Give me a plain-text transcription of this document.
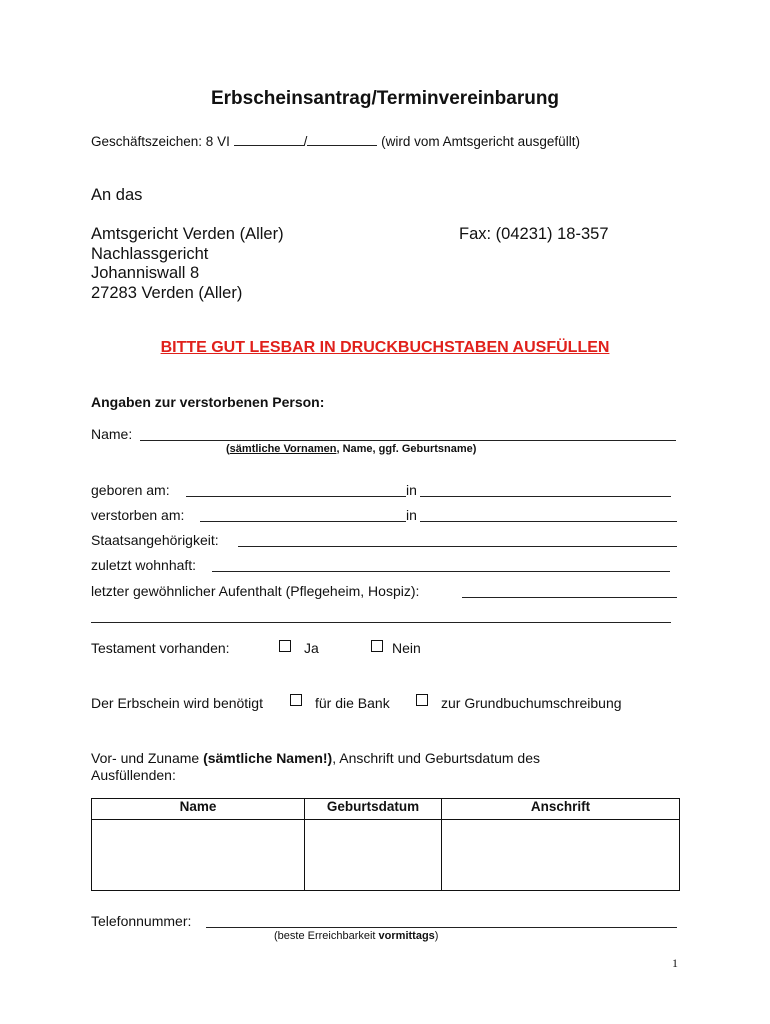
Erbscheinsantrag/Terminvereinbarung
Geschäftszeichen: 8 VI	/	(wird vom Amtsgericht ausgefüllt)
An das
Amtsgericht Verden (Aller)
Nachlassgericht
Johanniswall 8
27283 Verden (Aller)
Fax: (04231) 18-357
BITTE GUT LESBAR IN DRUCKBUCHSTABEN AUSFÜLLEN
Angaben zur verstorbenen Person:
Name:
(sämtliche Vornamen, Name, ggf. Geburtsname)
geboren am:	in
verstorben am:	in
Staatsangehörigkeit:
zuletzt wohnhaft:
letzter gewöhnlicher Aufenthalt (Pflegeheim, Hospiz):
Testament vorhanden:	Ja	Nein
Der Erbschein wird benötigt	für die Bank	zur Grundbuchumschreibung
Vor- und Zuname (sämtliche Namen!), Anschrift und Geburtsdatum des
Ausfüllenden:
Name	Geburtsdatum	Anschrift

Telefonnummer:
(beste Erreichbarkeit vormittags)
1
